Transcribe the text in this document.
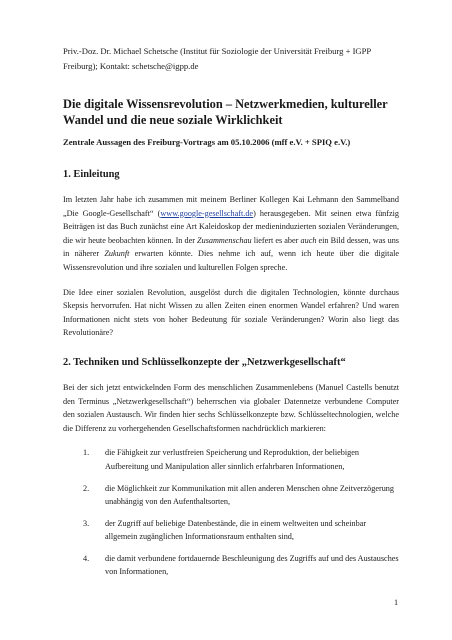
Priv.-Doz. Dr. Michael Schetsche (Institut für Soziologie der Universität Freiburg + IGPP
Freiburg); Kontakt: schetsche@igpp.de
Die digitale Wissensrevolution – Netzwerkmedien, kultureller Wandel und die neue soziale Wirklichkeit
Zentrale Aussagen des Freiburg-Vortrags am 05.10.2006 (mff e.V. + SPIQ e.V.)
1. Einleitung

Im letzten Jahr habe ich zusammen mit meinem Berliner Kollegen Kai Lehmann den Sammelband „Die Google-Gesellschaft“ (www.google-gesellschaft.de) herausgegeben. Mit seinen etwa fünfzig Beiträgen ist das Buch zunächst eine Art Kaleidoskop der medieninduzierten sozialen Veränderungen, die wir heute beobachten können. In der Zusammenschau liefert es aber auch ein Bild dessen, was uns in näherer Zukunft erwarten könnte. Dies nehme ich auf, wenn ich heute über die digitale Wissensrevolution und ihre sozialen und kulturellen Folgen spreche.

Die Idee einer sozialen Revolution, ausgelöst durch die digitalen Technologien, könnte durchaus Skepsis hervorrufen. Hat nicht Wissen zu allen Zeiten einen enormen Wandel erfahren? Und waren Informationen nicht stets von hoher Bedeutung für soziale Veränderungen? Worin also liegt das Revolutionäre?

2. Techniken und Schlüsselkonzepte der „Netzwerkgesellschaft“

Bei der sich jetzt entwickelnden Form des menschlichen Zusammenlebens (Manuel Castells benutzt den Terminus „Netzwerkgesellschaft“) beherrschen via globaler Datennetze verbundene Computer den sozialen Austausch. Wir finden hier sechs Schlüsselkonzepte bzw. Schlüsseltechnologien, welche die Differenz zu vorhergehenden Gesellschaftsformen nachdrücklich markieren:

1. die Fähigkeit zur verlustfreien Speicherung und Reproduktion, der beliebigen Aufbereitung und Manipulation aller sinnlich erfahrbaren Informationen,
2. die Möglichkeit zur Kommunikation mit allen anderen Menschen ohne Zeitverzögerung unabhängig von den Aufenthaltsorten,
3. der Zugriff auf beliebige Datenbestände, die in einem weltweiten und scheinbar allgemein zugänglichen Informationsraum enthalten sind,
4. die damit verbundene fortdauernde Beschleunigung des Zugriffs auf und des Austausches von Informationen,
1
